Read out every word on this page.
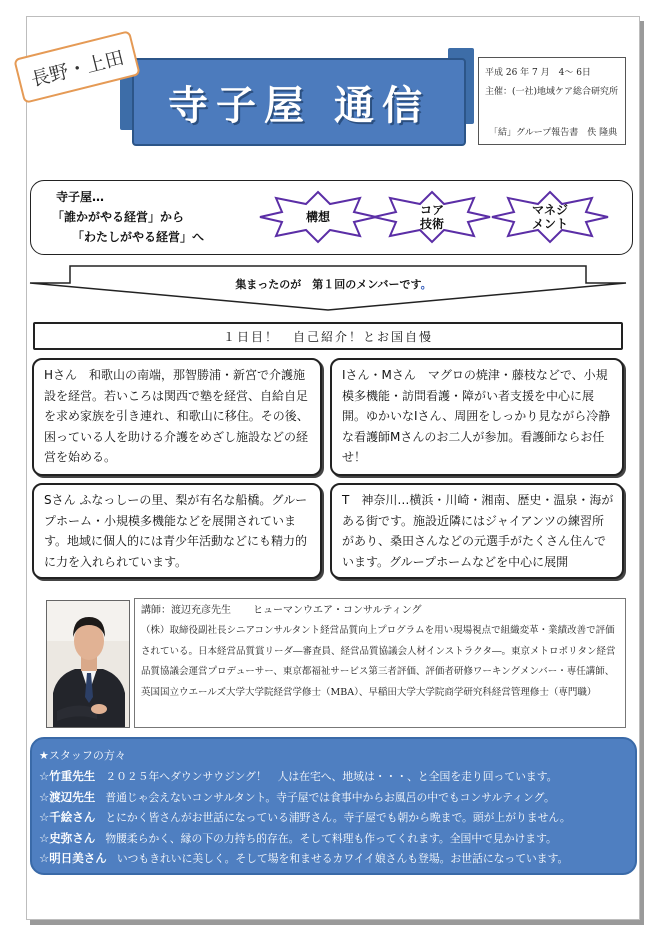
寺子屋 通信
長野・上田	平成 26 年 7 月　4〜 6日
主催：(一社)地域ケア総合研究所
「結」グループ報告書　佚 隆典
寺子屋…
「誰かがやる経営」から
「わたしがやる経営」へ
構想	コア
技術
マネジ
メント
集まったのが　第１回のメンバーです。
１日目！　自己紹介！とお国自慢
Hさん　和歌山の南端，那智勝浦・新宮で介護施設を経営。若いころは関西で塾を経営、自給自足を求め家族を引き連れ、和歌山に移住。その後、困っている人を助ける介護をめざし施設などの経営を始める。
Iさん・Mさん　マグロの焼津・藤枝などで、小規模多機能・訪問看護・障がい者支援を中心に展開。ゆかいなIさん、周囲をしっかり見ながら冷静な看護師Mさんのお二人が参加。看護師ならお任せ！
Sさん ふなっしーの里、梨が有名な船橋。グループホーム・小規模多機能などを展開されています。地域に個人的には青少年活動などにも精力的に力を入れられています。
T　神奈川…横浜・川崎・湘南、歴史・温泉・海がある街です。施設近隣にはジャイアンツの練習所があり、桑田さんなどの元選手がたくさん住んでいます。グループホームなどを中心に展開
講師：渡辺充彦先生 ヒューマンウエア・コンサルティング
（株）取締役副社長シニアコンサルタント経営品質向上プログラムを用い現場視点で組織変革・業績改善で評価されている。日本経営品質賞リーダ―審査員、経営品質協議会人材インストラクタ―。東京メトロポリタン経営品質協議会運営プロデューサー、東京都福祉サービス第三者評価、評価者研修ワーキングメンバー・専任講師、英国国立ウエールズ大学大学院経営学修士（MBA）、早稲田大学大学院商学研究科経営管理修士（専門職）
★スタッフの方々
☆竹重先生 ２０２５年へダウンサウジング！　人は在宅へ、地域は・・・、と全国を走り回っています。
☆渡辺先生 普通じゃ会えないコンサルタント。寺子屋では食事中からお風呂の中でもコンサルティング。
☆千絵さん とにかく皆さんがお世話になっている浦野さん。寺子屋でも朝から晩まで。頭が上がりません。
☆史弥さん 物腰柔らかく、縁の下の力持ち的存在。そして料理も作ってくれます。全国中で見かけます。
☆明日美さん いつもきれいに美しく。そして場を和ませるカワイイ娘さんも登場。お世話になっています。
